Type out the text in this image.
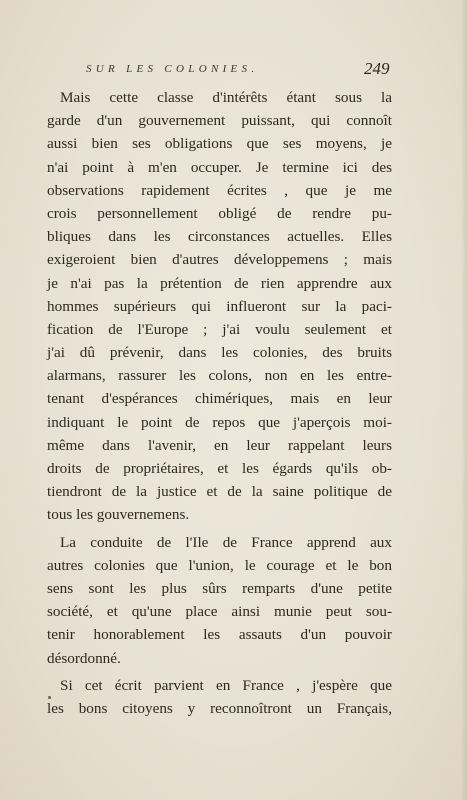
SUR LES COLONIES.	249
Mais cette classe d'intérêts étant sous la
garde d'un gouvernement puissant, qui connoît
aussi bien ses obligations que ses moyens, je
n'ai point à m'en occuper. Je termine ici des
observations rapidement écrites , que je me
crois personnellement obligé de rendre pu-
bliques dans les circonstances actuelles. Elles
exigeroient bien d'autres développemens ; mais
je n'ai pas la prétention de rien apprendre aux
hommes supérieurs qui influeront sur la paci-
fication de l'Europe ; j'ai voulu seulement et
j'ai dû prévenir, dans les colonies, des bruits
alarmans, rassurer les colons, non en les entre-
tenant d'espérances chimériques, mais en leur
indiquant le point de repos que j'aperçois moi-
même dans l'avenir, en leur rappelant leurs
droits de propriétaires, et les égards qu'ils ob-
tiendront de la justice et de la saine politique de
tous les gouvernemens.
La conduite de l'Ile de France apprend aux
autres colonies que l'union, le courage et le bon
sens sont les plus sûrs remparts d'une petite
société, et qu'une place ainsi munie peut sou-
tenir honorablement les assauts d'un pouvoir
désordonné.
Si cet écrit parvient en France , j'espère que
les bons citoyens y reconnoîtront un Français,
